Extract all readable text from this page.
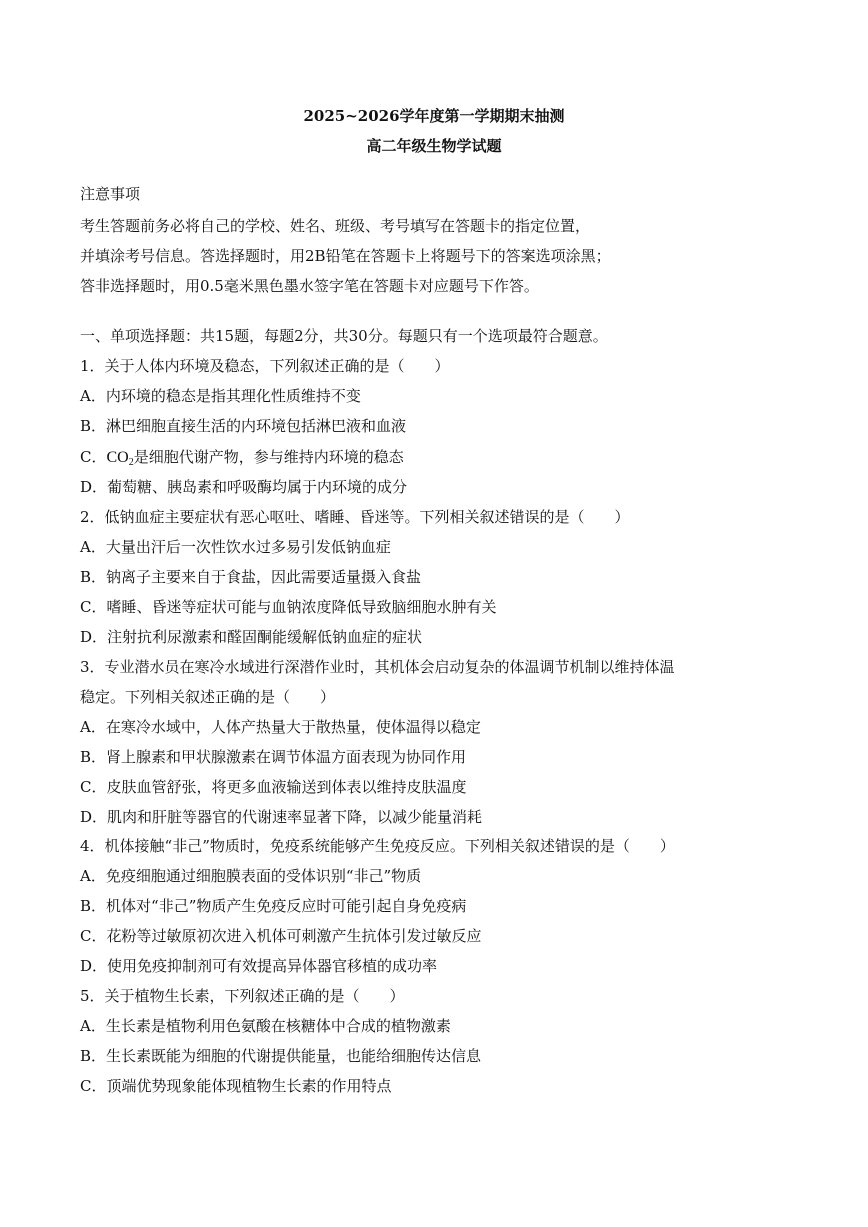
2025~2026学年度第一学期期末抽测
高二年级生物学试题
注意事项
考生答题前务必将自己的学校、姓名、班级、考号填写在答题卡的指定位置，
并填涂考号信息。答选择题时，用2B铅笔在答题卡上将题号下的答案选项涂黑；
答非选择题时，用0.5毫米黑色墨水签字笔在答题卡对应题号下作答。
一、单项选择题：共15题，每题2分，共30分。每题只有一个选项最符合题意。
1．关于人体内环境及稳态，下列叙述正确的是（　　）
A．内环境的稳态是指其理化性质维持不变
B．淋巴细胞直接生活的内环境包括淋巴液和血液
C．$CO_2$是细胞代谢产物，参与维持内环境的稳态
D．葡萄糖、胰岛素和呼吸酶均属于内环境的成分
2．低钠血症主要症状有恶心呕吐、嗜睡、昏迷等。下列相关叙述错误的是（　　）
A．大量出汗后一次性饮水过多易引发低钠血症
B．钠离子主要来自于食盐，因此需要适量摄入食盐
C．嗜睡、昏迷等症状可能与血钠浓度降低导致脑细胞水肿有关
D．注射抗利尿激素和醛固酮能缓解低钠血症的症状
3．专业潜水员在寒冷水域进行深潜作业时，其机体会启动复杂的体温调节机制以维持体温
稳定。下列相关叙述正确的是（　　）
A．在寒冷水域中，人体产热量大于散热量，使体温得以稳定
B．肾上腺素和甲状腺激素在调节体温方面表现为协同作用
C．皮肤血管舒张，将更多血液输送到体表以维持皮肤温度
D．肌肉和肝脏等器官的代谢速率显著下降，以减少能量消耗
4．机体接触“非己”物质时，免疫系统能够产生免疫反应。下列相关叙述错误的是（　　）
A．免疫细胞通过细胞膜表面的受体识别“非己”物质
B．机体对“非己”物质产生免疫反应时可能引起自身免疫病
C．花粉等过敏原初次进入机体可刺激产生抗体引发过敏反应
D．使用免疫抑制剂可有效提高异体器官移植的成功率
5．关于植物生长素，下列叙述正确的是（　　）
A．生长素是植物利用色氨酸在核糖体中合成的植物激素
B．生长素既能为细胞的代谢提供能量，也能给细胞传达信息
C．顶端优势现象能体现植物生长素的作用特点
